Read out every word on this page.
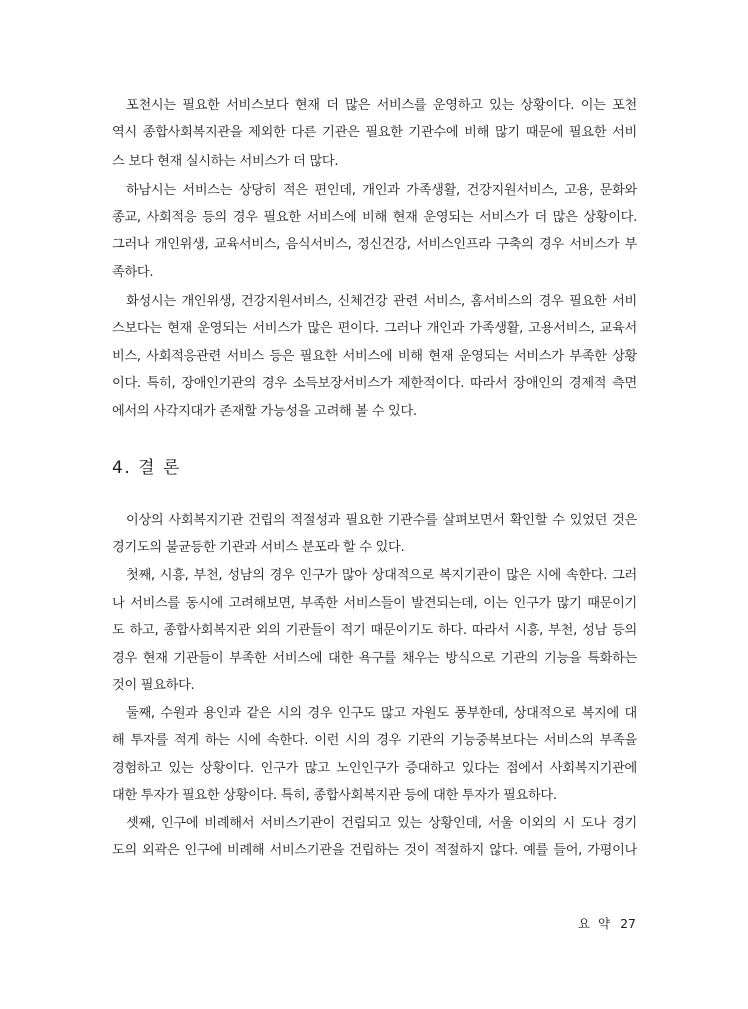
포천시는 필요한 서비스보다 현재 더 많은 서비스를 운영하고 있는 상황이다. 이는 포천
역시 종합사회복지관을 제외한 다른 기관은 필요한 기관수에 비해 많기 때문에 필요한 서비
스 보다 현재 실시하는 서비스가 더 많다.
하남시는 서비스는 상당히 적은 편인데, 개인과 가족생활, 건강지원서비스, 고용, 문화와
종교, 사회적응 등의 경우 필요한 서비스에 비해 현재 운영되는 서비스가 더 많은 상황이다.
그러나 개인위생, 교육서비스, 음식서비스, 정신건강, 서비스인프라 구축의 경우 서비스가 부
족하다.
화성시는 개인위생, 건강지원서비스, 신체건강 관련 서비스, 홈서비스의 경우 필요한 서비
스보다는 현재 운영되는 서비스가 많은 편이다. 그러나 개인과 가족생활, 고용서비스, 교육서
비스, 사회적응관련 서비스 등은 필요한 서비스에 비해 현재 운영되는 서비스가 부족한 상황
이다. 특히, 장애인기관의 경우 소득보장서비스가 제한적이다. 따라서 장애인의 경제적 측면
에서의 사각지대가 존재할 가능성을 고려해 볼 수 있다.
4. 결 론
이상의 사회복지기관 건립의 적절성과 필요한 기관수를 살펴보면서 확인할 수 있었던 것은
경기도의 불균등한 기관과 서비스 분포라 할 수 있다.
첫째, 시흥, 부천, 성남의 경우 인구가 많아 상대적으로 복지기관이 많은 시에 속한다. 그러
나 서비스를 동시에 고려해보면, 부족한 서비스들이 발견되는데, 이는 인구가 많기 때문이기
도 하고, 종합사회복지관 외의 기관들이 적기 때문이기도 하다. 따라서 시흥, 부천, 성남 등의
경우 현재 기관들이 부족한 서비스에 대한 욕구를 채우는 방식으로 기관의 기능을 특화하는
것이 필요하다.
둘째, 수원과 용인과 같은 시의 경우 인구도 많고 자원도 풍부한데, 상대적으로 복지에 대
해 투자를 적게 하는 시에 속한다. 이런 시의 경우 기관의 기능중복보다는 서비스의 부족을
경험하고 있는 상황이다. 인구가 많고 노인인구가 증대하고 있다는 점에서 사회복지기관에
대한 투자가 필요한 상황이다. 특히, 종합사회복지관 등에 대한 투자가 필요하다.
셋째, 인구에 비례해서 서비스기관이 건립되고 있는 상황인데, 서울 이외의 시 도나 경기
도의 외곽은 인구에 비례해 서비스기관을 건립하는 것이 적절하지 않다. 예를 들어, 가평이나
요 약 27
